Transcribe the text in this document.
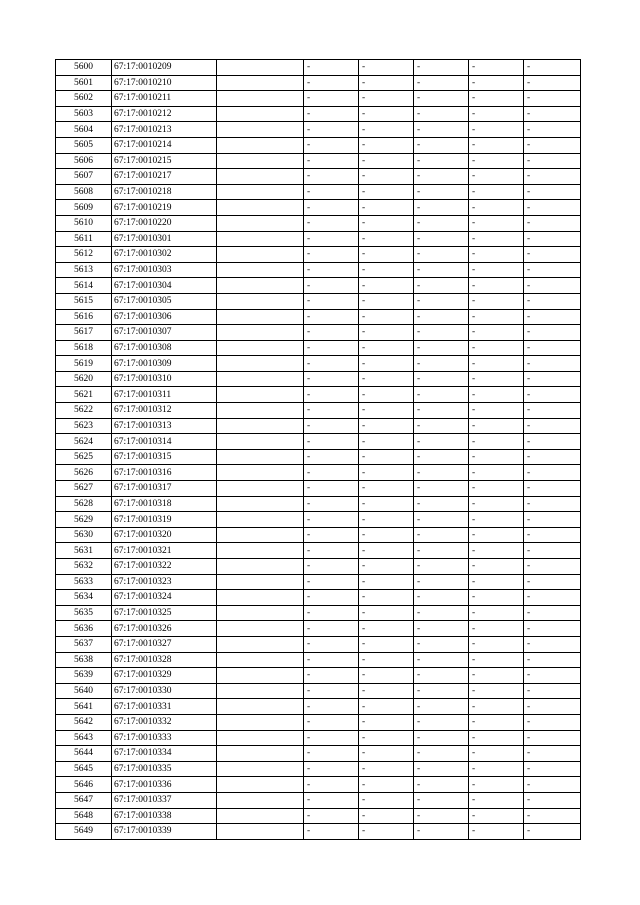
5600	67:17:0010209		-	-	-	-	-
5601	67:17:0010210		-	-	-	-	-
5602	67:17:0010211		-	-	-	-	-
5603	67:17:0010212		-	-	-	-	-
5604	67:17:0010213		-	-	-	-	-
5605	67:17:0010214		-	-	-	-	-
5606	67:17:0010215		-	-	-	-	-
5607	67:17:0010217		-	-	-	-	-
5608	67:17:0010218		-	-	-	-	-
5609	67:17:0010219		-	-	-	-	-
5610	67:17:0010220		-	-	-	-	-
5611	67:17:0010301		-	-	-	-	-
5612	67:17:0010302		-	-	-	-	-
5613	67:17:0010303		-	-	-	-	-
5614	67:17:0010304		-	-	-	-	-
5615	67:17:0010305		-	-	-	-	-
5616	67:17:0010306		-	-	-	-	-
5617	67:17:0010307		-	-	-	-	-
5618	67:17:0010308		-	-	-	-	-
5619	67:17:0010309		-	-	-	-	-
5620	67:17:0010310		-	-	-	-	-
5621	67:17:0010311		-	-	-	-	-
5622	67:17:0010312		-	-	-	-	-
5623	67:17:0010313		-	-	-	-	-
5624	67:17:0010314		-	-	-	-	-
5625	67:17:0010315		-	-	-	-	-
5626	67:17:0010316		-	-	-	-	-
5627	67:17:0010317		-	-	-	-	-
5628	67:17:0010318		-	-	-	-	-
5629	67:17:0010319		-	-	-	-	-
5630	67:17:0010320		-	-	-	-	-
5631	67:17:0010321		-	-	-	-	-
5632	67:17:0010322		-	-	-	-	-
5633	67:17:0010323		-	-	-	-	-
5634	67:17:0010324		-	-	-	-	-
5635	67:17:0010325		-	-	-	-	-
5636	67:17:0010326		-	-	-	-	-
5637	67:17:0010327		-	-	-	-	-
5638	67:17:0010328		-	-	-	-	-
5639	67:17:0010329		-	-	-	-	-
5640	67:17:0010330		-	-	-	-	-
5641	67:17:0010331		-	-	-	-	-
5642	67:17:0010332		-	-	-	-	-
5643	67:17:0010333		-	-	-	-	-
5644	67:17:0010334		-	-	-	-	-
5645	67:17:0010335		-	-	-	-	-
5646	67:17:0010336		-	-	-	-	-
5647	67:17:0010337		-	-	-	-	-
5648	67:17:0010338		-	-	-	-	-
5649	67:17:0010339		-	-	-	-	-
